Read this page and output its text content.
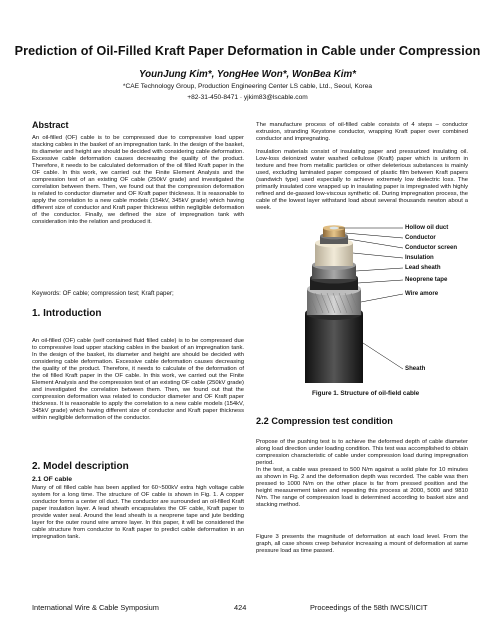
Prediction of Oil-Filled Kraft Paper Deformation in Cable under Compression
YounJung Kim*, YongHee Won*, WonBea Kim*
*CAE Technology Group, Production Engineering Center LS cable, Ltd., Seoul, Korea
+82-31-450-8471 · yjkim83@lscable.com
Abstract

An oil-filled (OF) cable is to be compressed due to compressive load upper stacking cables in the basket of an impregnation tank. In the design of the basket, its diameter and height are should be decided with considering cable deformation. Excessive cable deformation causes decreasing the quality of the product. Therefore, it needs to be calculated deformation of the oil filled Kraft paper in the OF cable. In this work, we carried out the Finite Element Analysis and the compression test of an existing OF cable (250kV grade) and investigated the correlation between them. Then, we found out that the compression deformation is related to conductor diameter and OF Kraft paper thickness. It is reasonable to apply the correlation to a new cable models (154kV, 345kV grade) which having different size of conductor and Kraft paper thickness within negligible deformation of the conductor. Finally, we defined the size of impregnation tank with consideration into the relation and produced it.

Keywords: OF cable; compression test; Kraft paper;
1. Introduction
An oil-filled (OF) cable (self contained fluid filled cable) is to be compressed due to compressive load upper stacking cables in the basket of an impregnation tank. In the design of the basket, its diameter and height are should be decided with considering cable deformation. Excessive cable deformation causes decreasing the quality of the product. Therefore, it needs to calculate of the deformation of the oil filled Kraft paper in the OF cable. In this work, we carried out the Finite Element Analysis and the compression test of an existing OF cable (250kV grade) and investigated the correlation between them. Then, we found out that the compression deformation was related to conductor diameter and OF Kraft paper thickness. It is reasonable to apply the correlation to a new cable models (154kV, 345kV grade) which having different size of conductor and Kraft paper thickness within negligible deformation of the conductor.
2. Model description
2.1 OF cable
Many of oil filled cable has been applied for 60~500kV extra high voltage cable system for a long time. The structure of OF cable is shown in Fig. 1. A copper conductor forms a center oil duct. The conductor are surrounded an oil-filled Kraft paper insulation layer. A lead sheath encapsulates the OF cable, Kraft paper to provide water seal. Around the lead sheath is a neoprene tape and jute bedding layer for the outer round wire amore layer. In this paper, it will be considered the cable structure from conductor to Kraft paper to predict cable deformation in an impregnation tank.
The manufacture process of oil-filled cable consists of 4 steps – conductor extrusion, stranding Keystone conductor, wrapping Kraft paper over combined conductor and impregnating.
Insulation materials consist of insulating paper and pressurized insulating oil. Low-loss deionized water washed cellulose (Kraft) paper which is uniform in texture and free from metallic particles or other deleterious substances is mainly used, excluding laminated paper composed of plastic film between Kraft papers (sandwich type) used especially to achieve extremely low dielectric loss. The primarily insulated core wrapped up in insulating paper is impregnated with highly refined and de-gassed low-viscous synthetic oil. During impregnation process, the cable of the lowest layer withstand load about several thousands newton about a week.
Hollow oil duct
Conductor
Conductor screen
Insulation
Lead sheath
Neoprene tape
Wire amore
Sheath
Figure 1. Structure of oil-field cable
2.2 Compression test condition
Propose of the pushing test is to achieve the deformed depth of cable diameter along load direction under loading condition. This test was accomplished to obtain compression characteristic of cable under compression load during impregnation period.
In the test, a cable was pressed to 500 N/m against a solid plate for 10 minutes as shown in Fig. 2 and the deformation depth was recorded. The cable was then pressed to 1000 N/m on the other place is far from pressed position and the height measurement taken and repeating this process at 2000, 5000 and 9810 N/m. The range of compression load is determined according to basket size and stacking method.
Figure 3 presents the magnitude of deformation at each load level. From the graph, all case shows creep behavior increasing a mount of deformation at same pressure load as time passed.
International Wire & Cable Symposium	424	Proceedings of the 58th IWCS/IICIT
